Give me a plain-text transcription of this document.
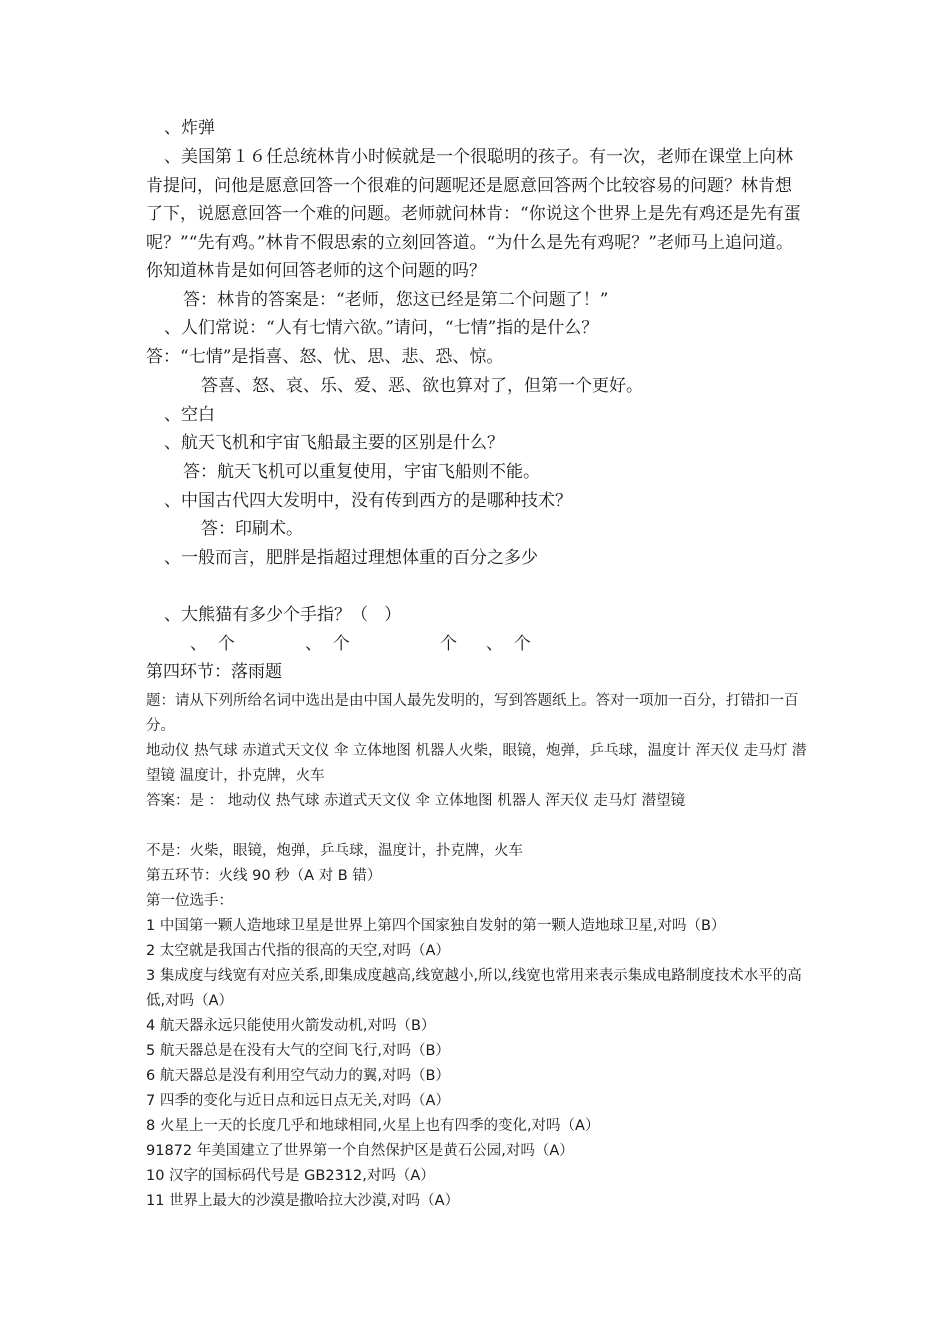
、炸弹
、美国第１６任总统林肯小时候就是一个很聪明的孩子。有一次，老师在课堂上向林肯提问，问他是愿意回答一个很难的问题呢还是愿意回答两个比较容易的问题？林肯想了下，说愿意回答一个难的问题。老师就问林肯：“你说这个世界上是先有鸡还是先有蛋呢？”“先有鸡。”林肯不假思索的立刻回答道。“为什么是先有鸡呢？”老师马上追问道。你知道林肯是如何回答老师的这个问题的吗？
答：林肯的答案是：“老师，您这已经是第二个问题了！”
、人们常说：“人有七情六欲。”请问，“七情”指的是什么？
答：“七情”是指喜、怒、忧、思、悲、恐、惊。
答喜、怒、哀、乐、爱、恶、欲也算对了，但第一个更好。
、空白
、航天飞机和宇宙飞船最主要的区别是什么？
答：航天飞机可以重复使用，宇宙飞船则不能。
、中国古代四大发明中，没有传到西方的是哪种技术？
答：印刷术。
、一般而言，肥胖是指超过理想体重的百分之多少
、大熊猫有多少个手指？（   ）
、  个	、  个	个 、  个
第四环节：落雨题
题：请从下列所给名词中选出是由中国人最先发明的，写到答题纸上。答对一项加一百分，打错扣一百分。
地动仪 热气球 赤道式天文仪 伞 立体地图 机器人火柴，眼镜，炮弹，乒乓球，温度计 浑天仪 走马灯 潜望镜 温度计，扑克牌，火车
答案：是 ： 地动仪 热气球 赤道式天文仪 伞 立体地图 机器人 浑天仪 走马灯 潜望镜
不是：火柴，眼镜，炮弹，乒乓球，温度计，扑克牌，火车
第五环节：火线 90 秒（A 对 B 错）
第一位选手：
1 中国第一颗人造地球卫星是世界上第四个国家独自发射的第一颗人造地球卫星,对吗（B）
2 太空就是我国古代指的很高的天空,对吗（A）
3 集成度与线宽有对应关系,即集成度越高,线宽越小,所以,线宽也常用来表示集成电路制度技术水平的高低,对吗（A）
4 航天器永远只能使用火箭发动机,对吗（B）
5 航天器总是在没有大气的空间飞行,对吗（B）
6 航天器总是没有利用空气动力的翼,对吗（B）
7 四季的变化与近日点和远日点无关,对吗（A）
8 火星上一天的长度几乎和地球相同,火星上也有四季的变化,对吗（A）
91872 年美国建立了世界第一个自然保护区是黄石公园,对吗（A）
10 汉字的国标码代号是 GB2312,对吗（A）
11 世界上最大的沙漠是撒哈拉大沙漠,对吗（A）
